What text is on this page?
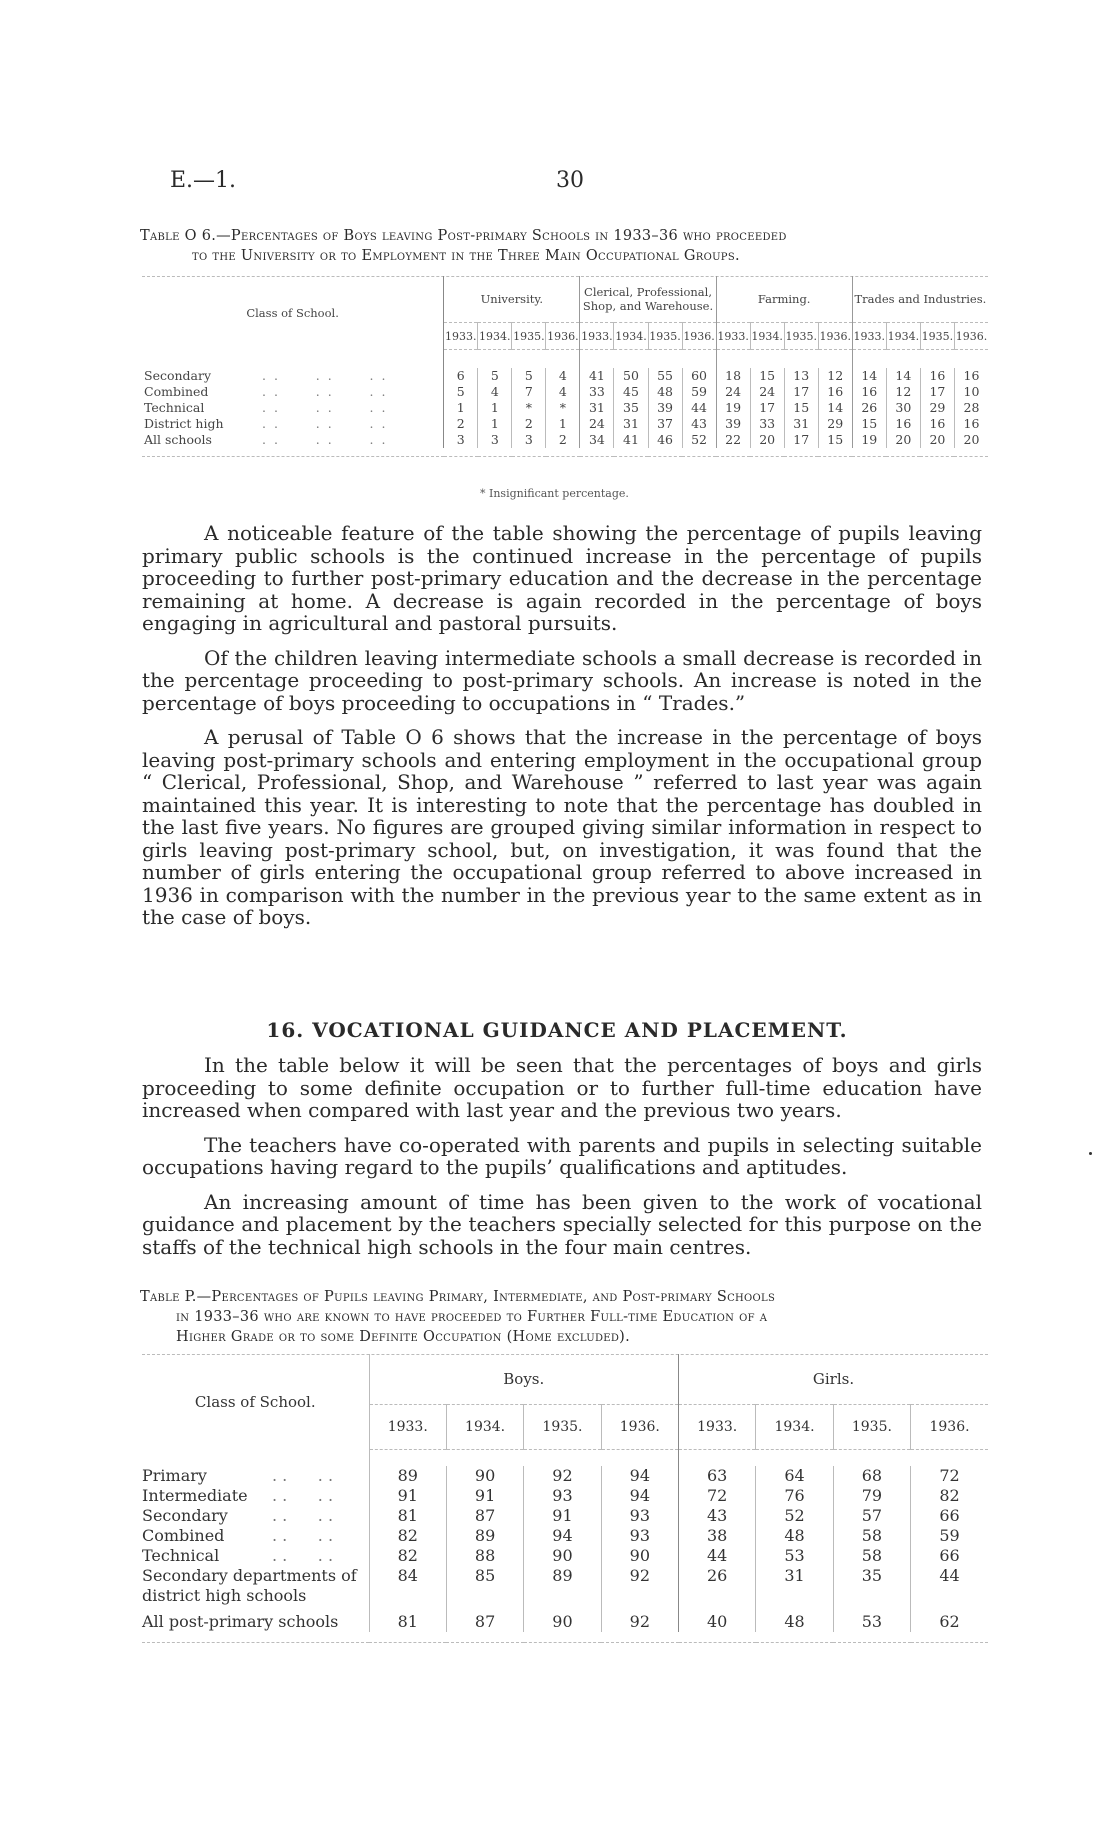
E.—1.	30
Table O 6.—Percentages of Boys leaving Post-primary Schools in 1933–36 who proceeded
to the University or to Employment in the Three Main Occupational Groups.
Class of School.	University.				Clerical, Professional, Shop, and Warehouse.				Farming.				Trades and Industries.			
	1933.	1934.	1935.	1936.	1933.	1934.	1935.	1936.	1933.	1934.	1935.	1936.	1933.	1934.	1935.	1936.

Secondary . .      . .      . .	6	5	5	4	41	50	55	60	18	15	13	12	14	14	16	16
Combined . .      . .      . .	5	4	7	4	33	45	48	59	24	24	17	16	16	12	17	10
Technical . .      . .      . .	1	1	*	*	31	35	39	44	19	17	15	14	26	30	29	28
District high . .      . .      . .	2	1	2	1	24	31	37	43	39	33	31	29	15	16	16	16
All schools . .      . .      . .	3	3	3	2	34	41	46	52	22	20	17	15	19	20	20	20

* Insignificant percentage.

A noticeable feature of the table showing the percentage of pupils leaving primary public schools is the continued increase in the percentage of pupils proceeding to further post-primary education and the decrease in the percentage remaining at home. A decrease is again recorded in the percentage of boys engaging in agricultural and pastoral pursuits.

Of the children leaving intermediate schools a small decrease is recorded in the percentage proceeding to post-primary schools. An increase is noted in the percentage of boys proceeding to occupations in “ Trades.”

A perusal of Table O 6 shows that the increase in the percentage of boys leaving post-primary schools and entering employment in the occupational group “ Clerical, Professional, Shop, and Warehouse ” referred to last year was again maintained this year. It is interesting to note that the percentage has doubled in the last five years. No figures are grouped giving similar information in respect to girls leaving post-primary school, but, on investigation, it was found that the number of girls entering the occupational group referred to above increased in 1936 in comparison with the number in the previous year to the same extent as in the case of boys.

16. VOCATIONAL GUIDANCE AND PLACEMENT.

In the table below it will be seen that the percentages of boys and girls proceeding to some definite occupation or to further full-time education have increased when compared with last year and the previous two years.

The teachers have co-operated with parents and pupils in selecting suitable occupations having regard to the pupils’ qualifications and aptitudes.

An increasing amount of time has been given to the work of vocational guidance and placement by the teachers specially selected for this purpose on the staffs of the technical high schools in the four main centres.

Table P.—Percentages of Pupils leaving Primary, Intermediate, and Post-primary Schools
in 1933–36 who are known to have proceeded to Further Full-time Education of a
Higher Grade or to some Definite Occupation (Home excluded).
Class of School.	Boys.				Girls.			
	1933.	1934.	1935.	1936.	1933.	1934.	1935.	1936.

Primary . .      . .	89	90	92	94	63	64	68	72
Intermediate . .      . .	91	91	93	94	72	76	79	82
Secondary . .      . .	81	87	91	93	43	52	57	66
Combined . .      . .	82	89	94	93	38	48	58	59
Technical . .      . .	82	88	90	90	44	53	58	66
Secondary departments of district high schools	84	85	89	92	26	31	35	44
All post-primary schools	81	87	90	92	40	48	53	62
